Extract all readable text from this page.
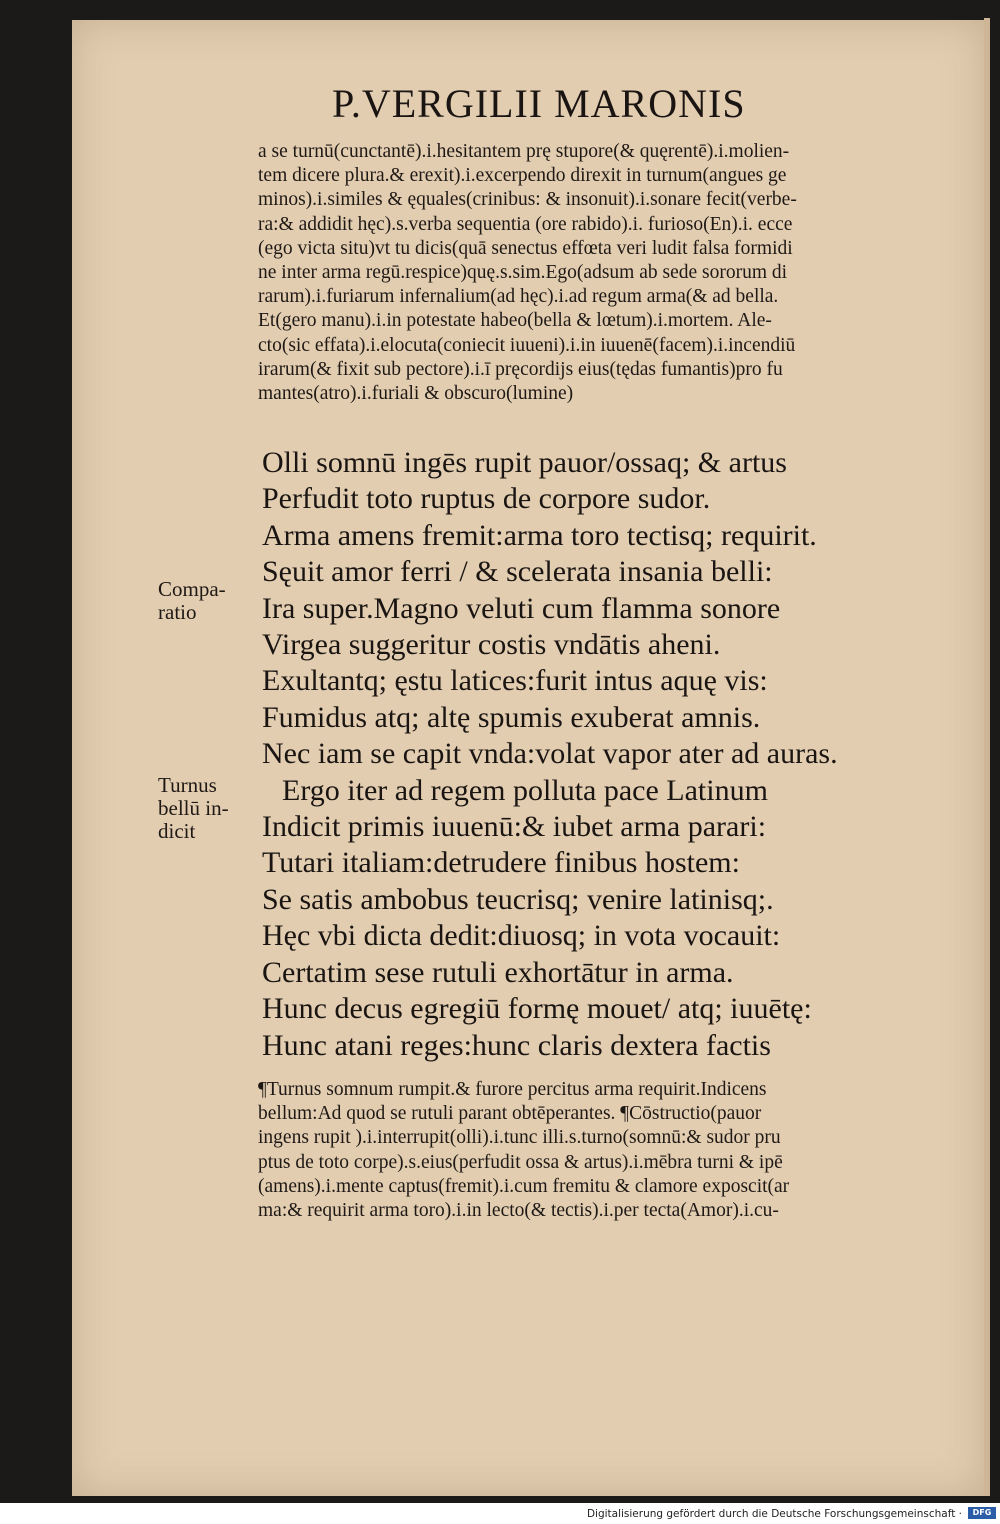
P.VERGILII MARONIS
a se turnū(cunctantē).i.hesitantem prę stupore(& quęrentē).i.molien‑
tem dicere plura.& erexit).i.excerpendo direxit in turnum(angues ge
minos).i.similes & ęquales(crinibus: & insonuit).i.sonare fecit(verbe‑
ra:& addidit hęc).s.verba sequentia (ore rabido).i. furioso(En).i. ecce
(ego victa situ)vt tu dicis(quā senectus effœta veri ludit falsa formidi
ne inter arma regū.respice)quę.s.sim.Ego(adsum ab sede sororum di
rarum).i.furiarum infernalium(ad hęc).i.ad regum arma(& ad bella.
Et(gero manu).i.in potestate habeo(bella & lœtum).i.mortem. Ale‑
cto(sic effata).i.elocuta(coniecit iuueni).i.in iuuenē(facem).i.incendiū
irarum(& fixit sub pectore).i.ī pręcordijs eius(tędas fumantis)pro fu
mantes(atro).i.furiali & obscuro(lumine)
Olli somnū ingēs rupit pauor/ossaq; & artus
Perfudit toto ruptus de corpore sudor.
Arma amens fremit:arma toro tectisq; requirit.
Sęuit amor ferri / & scelerata insania belli:
Ira super.Magno veluti cum flamma sonore
Virgea suggeritur costis vndātis aheni.
Exultantq; ęstu latices:furit intus aquę vis:
Fumidus atq; altę spumis exuberat amnis.
Nec iam se capit vnda:volat vapor ater ad auras.
Ergo iter ad regem polluta pace Latinum
Indicit primis iuuenū:& iubet arma parari:
Tutari italiam:detrudere finibus hostem:
Se satis ambobus teucrisq; venire latinisq;.
Hęc vbi dicta dedit:diuosq; in vota vocauit:
Certatim sese rutuli exhortātur in arma.
Hunc decus egregiū formę mouet/ atq; iuuētę:
Hunc atani reges:hunc claris dextera factis
Compa‑
ratio
Turnus
bellū in‑
dicit
¶Turnus somnum rumpit.& furore percitus arma requirit.Indicens
bellum:Ad quod se rutuli parant obtēperantes. ¶Cōstructio(pauor
ingens rupit ).i.interrupit(olli).i.tunc illi.s.turno(somnū:& sudor pru
ptus de toto corpe).s.eius(perfudit ossa & artus).i.mēbra turni & ipē
(amens).i.mente captus(fremit).i.cum fremitu & clamore exposcit(ar
ma:& requirit arma toro).i.in lecto(& tectis).i.per tecta(Amor).i.cu‑
Digitalisierung gefördert durch die Deutsche Forschungsgemeinschaft ·	DFG
